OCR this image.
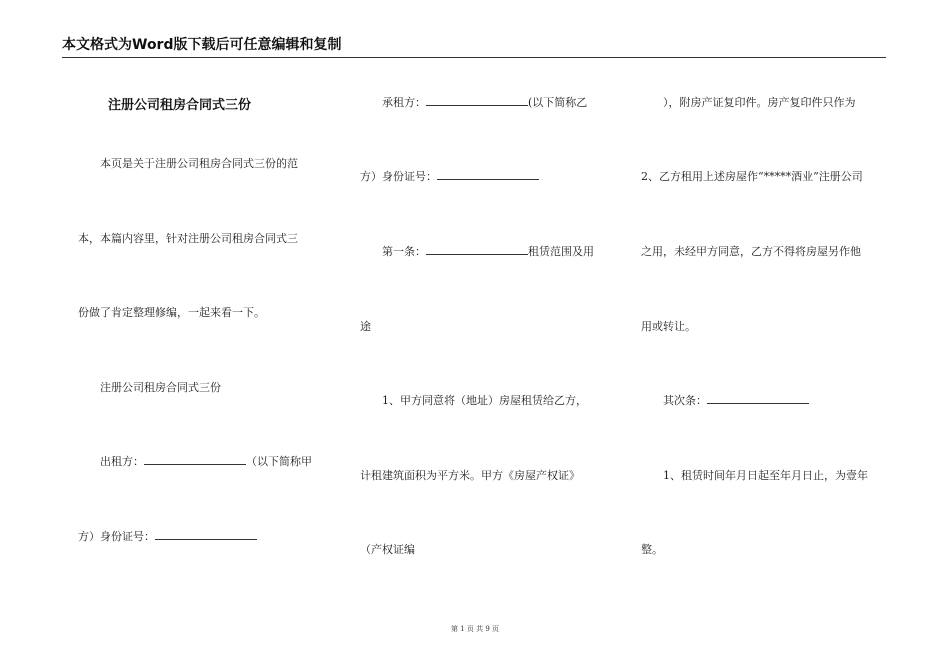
本文格式为Word版下载后可任意编辑和复制
注册公司租房合同式三份
本页是关于注册公司租房合同式三份的范
本，本篇内容里，针对注册公司租房合同式三
份做了肯定整理修编，一起来看一下。
注册公司租房合同式三份
出租方：	（以下简称甲
方）身份证号：
承租方：	(以下简称乙
方）身份证号：
第一条：	租赁范围及用
途
1、甲方同意将（地址）房屋租赁给乙方，
计租建筑面积为平方米。甲方《房屋产权证》
（产权证编
），附房产证复印件。房产复印件只作为
2、乙方租用上述房屋作“*****酒业”注册公司
之用，未经甲方同意，乙方不得将房屋另作他
用或转让。
其次条：
1、租赁时间年月日起至年月日止，为壹年
整。
第 1 页 共 9 页
